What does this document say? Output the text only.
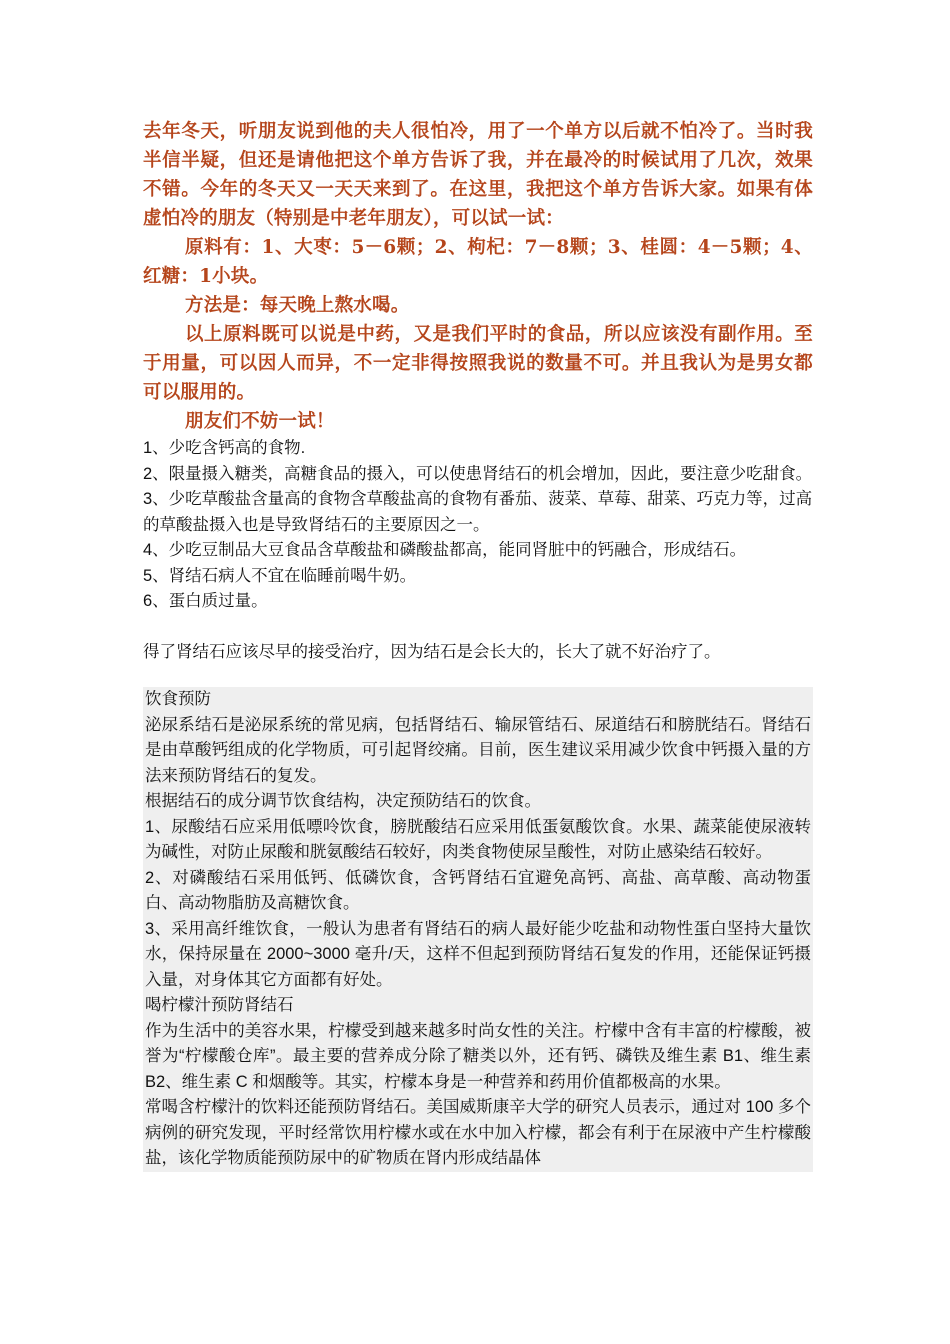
去年冬天，听朋友说到他的夫人很怕冷，用了一个单方以后就不怕冷了。当时我半信半疑，但还是请他把这个单方告诉了我，并在最冷的时候试用了几次，效果不错。今年的冬天又一天天来到了。在这里，我把这个单方告诉大家。如果有体虚怕冷的朋友（特别是中老年朋友），可以试一试：

原料有：1、大枣：5－6颗；2、枸杞：7－8颗；3、桂圆：4－5颗；4、红糖：1小块。

方法是：每天晚上熬水喝。

以上原料既可以说是中药，又是我们平时的食品，所以应该没有副作用。至于用量，可以因人而异，不一定非得按照我说的数量不可。并且我认为是男女都可以服用的。

朋友们不妨一试！

1、少吃含钙高的食物.

2、限量摄入糖类，高糖食品的摄入，可以使患肾结石的机会增加，因此，要注意少吃甜食。

3、少吃草酸盐含量高的食物含草酸盐高的食物有番茄、菠菜、草莓、甜菜、巧克力等，过高的草酸盐摄入也是导致肾结石的主要原因之一。

4、少吃豆制品大豆食品含草酸盐和磷酸盐都高，能同肾脏中的钙融合，形成结石。

5、肾结石病人不宜在临睡前喝牛奶。

6、蛋白质过量。

得了肾结石应该尽早的接受治疗，因为结石是会长大的，长大了就不好治疗了。

饮食预防

泌尿系结石是泌尿系统的常见病，包括肾结石、输尿管结石、尿道结石和膀胱结石。肾结石是由草酸钙组成的化学物质，可引起肾绞痛。目前，医生建议采用减少饮食中钙摄入量的方法来预防肾结石的复发。

根据结石的成分调节饮食结构，决定预防结石的饮食。

1、尿酸结石应采用低嘌呤饮食，膀胱酸结石应采用低蛋氨酸饮食。水果、蔬菜能使尿液转为碱性，对防止尿酸和胱氨酸结石较好，肉类食物使尿呈酸性，对防止感染结石较好。

2、对磷酸结石采用低钙、低磷饮食，含钙肾结石宜避免高钙、高盐、高草酸、高动物蛋白、高动物脂肪及高糖饮食。

3、采用高纤维饮食，一般认为患者有肾结石的病人最好能少吃盐和动物性蛋白坚持大量饮水，保持尿量在 2000~3000 毫升/天，这样不但起到预防肾结石复发的作用，还能保证钙摄入量，对身体其它方面都有好处。

喝柠檬汁预防肾结石

作为生活中的美容水果，柠檬受到越来越多时尚女性的关注。柠檬中含有丰富的柠檬酸，被誉为“柠檬酸仓库”。最主要的营养成分除了糖类以外，还有钙、磷铁及维生素 B1、维生素 B2、维生素 C 和烟酸等。其实，柠檬本身是一种营养和药用价值都极高的水果。

常喝含柠檬汁的饮料还能预防肾结石。美国威斯康辛大学的研究人员表示，通过对 100 多个病例的研究发现，平时经常饮用柠檬水或在水中加入柠檬，都会有利于在尿液中产生柠檬酸盐，该化学物质能预防尿中的矿物质在肾内形成结晶体
